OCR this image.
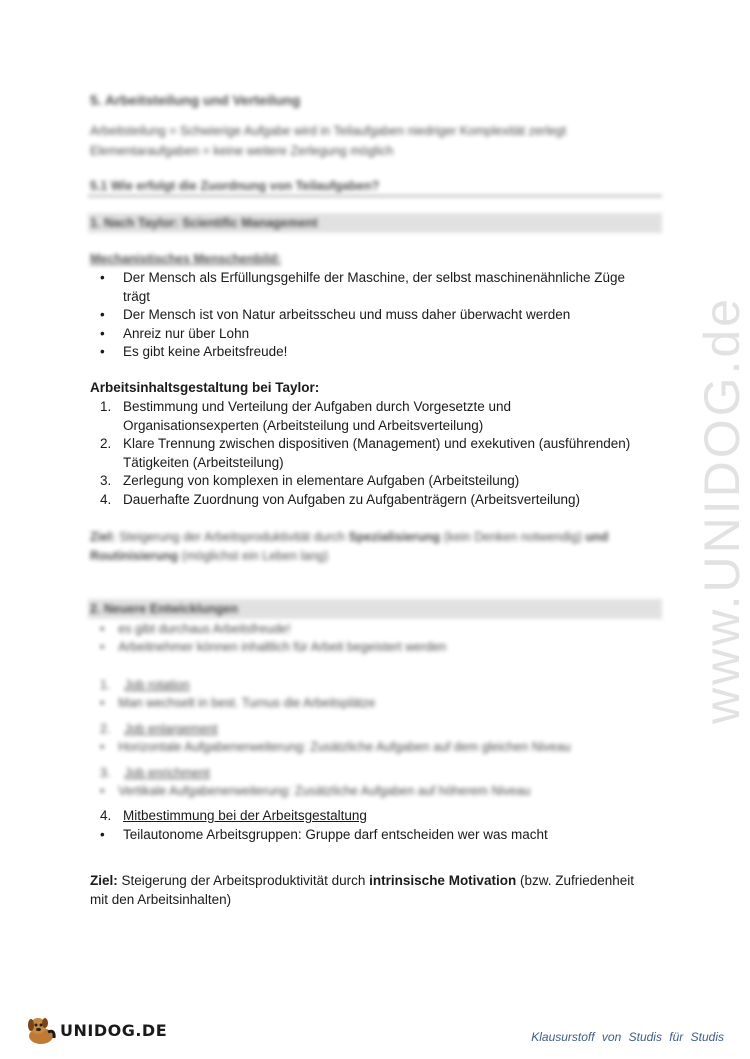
www.UNIDOG.de
5. Arbeitsteilung und Verteilung
Arbeitsteilung = Schwierige Aufgabe wird in Teilaufgaben niedriger Komplexität zerlegt
Elementaraufgaben = keine weitere Zerlegung möglich
5.1 Wie erfolgt die Zuordnung von Teilaufgaben?
1. Nach Taylor: Scientific Management
Mechanistisches Menschenbild:
• Der Mensch als Erfüllungsgehilfe der Maschine, der selbst maschinenähnliche Züge
trägt
• Der Mensch ist von Natur arbeitsscheu und muss daher überwacht werden
• Anreiz nur über Lohn
• Es gibt keine Arbeitsfreude!
Arbeitsinhaltsgestaltung bei Taylor:
1. Bestimmung und Verteilung der Aufgaben durch Vorgesetzte und
Organisationsexperten (Arbeitsteilung und Arbeitsverteilung)
2. Klare Trennung zwischen dispositiven (Management) und exekutiven (ausführenden)
Tätigkeiten (Arbeitsteilung)
3. Zerlegung von komplexen in elementare Aufgaben (Arbeitsteilung)
4. Dauerhafte Zuordnung von Aufgaben zu Aufgabenträgern (Arbeitsverteilung)
Ziel: Steigerung der Arbeitsproduktivität durch Spezialisierung (kein Denken notwendig) und
Routinisierung (möglichst ein Leben lang)
2. Neuere Entwicklungen
•    es gibt durchaus Arbeitsfreude!
•    Arbeitnehmer können inhaltlich für Arbeit begeistert werden
1. Job rotation
•    Man wechselt in best. Turnus die Arbeitsplätze
2. Job enlargement
•    Horizontale Aufgabenerweiterung: Zusätzliche Aufgaben auf dem gleichen Niveau
3. Job enrichment
•    Vertikale Aufgabenerweiterung: Zusätzliche Aufgaben auf höherem Niveau
4. Mitbestimmung bei der Arbeitsgestaltung
• Teilautonome Arbeitsgruppen: Gruppe darf entscheiden wer was macht
Ziel: Steigerung der Arbeitsproduktivität durch intrinsische Motivation (bzw. Zufriedenheit
mit den Arbeitsinhalten)
UNIDOG.DE	Klausurstoff von Studis für Studis
